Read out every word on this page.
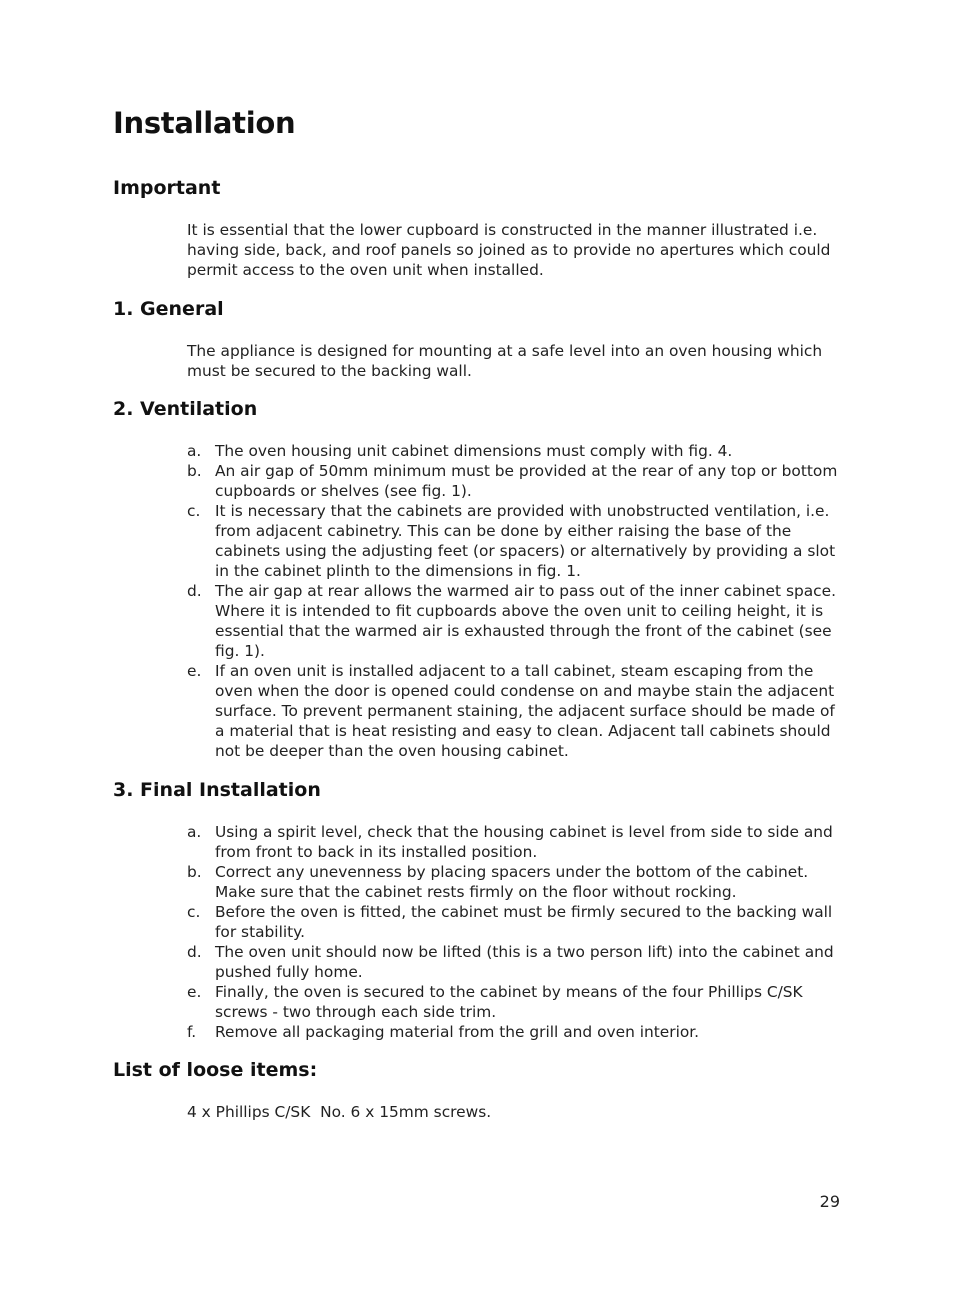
Installation
Important

It is essential that the lower cupboard is constructed in the manner illustrated i.e. having side, back, and roof panels so joined as to provide no apertures which could permit access to the oven unit when installed.

1. General

The appliance is designed for mounting at a safe level into an oven housing which must be secured to the backing wall.

2. Ventilation
a. The oven housing unit cabinet dimensions must comply with fig. 4.
b. An air gap of 50mm minimum must be provided at the rear of any top or bottom cupboards or shelves (see fig. 1).
c. It is necessary that the cabinets are provided with unobstructed ventilation, i.e. from adjacent cabinetry. This can be done by either raising the base of the cabinets using the adjusting feet (or spacers) or alternatively by providing a slot in the cabinet plinth to the dimensions in fig. 1.
d. The air gap at rear allows the warmed air to pass out of the inner cabinet space. Where it is intended to fit cupboards above the oven unit to ceiling height, it is essential that the warmed air is exhausted through the front of the cabinet (see fig. 1).
e. If an oven unit is installed adjacent to a tall cabinet, steam escaping from the oven when the door is opened could condense on and maybe stain the adjacent surface. To prevent permanent staining, the adjacent surface should be made of a material that is heat resisting and easy to clean. Adjacent tall cabinets should not be deeper than the oven housing cabinet.
3. Final Installation
a. Using a spirit level, check that the housing cabinet is level from side to side and from front to back in its installed position.
b. Correct any unevenness by placing spacers under the bottom of the cabinet. Make sure that the cabinet rests firmly on the floor without rocking.
c. Before the oven is fitted, the cabinet must be firmly secured to the backing wall for stability.
d. The oven unit should now be lifted (this is a two person lift) into the cabinet and pushed fully home.
e. Finally, the oven is secured to the cabinet by means of the four Phillips C/SK screws - two through each side trim.
f. Remove all packaging material from the grill and oven interior.
List of loose items:

4 x Phillips C/SK  No. 6 x 15mm screws.

29
